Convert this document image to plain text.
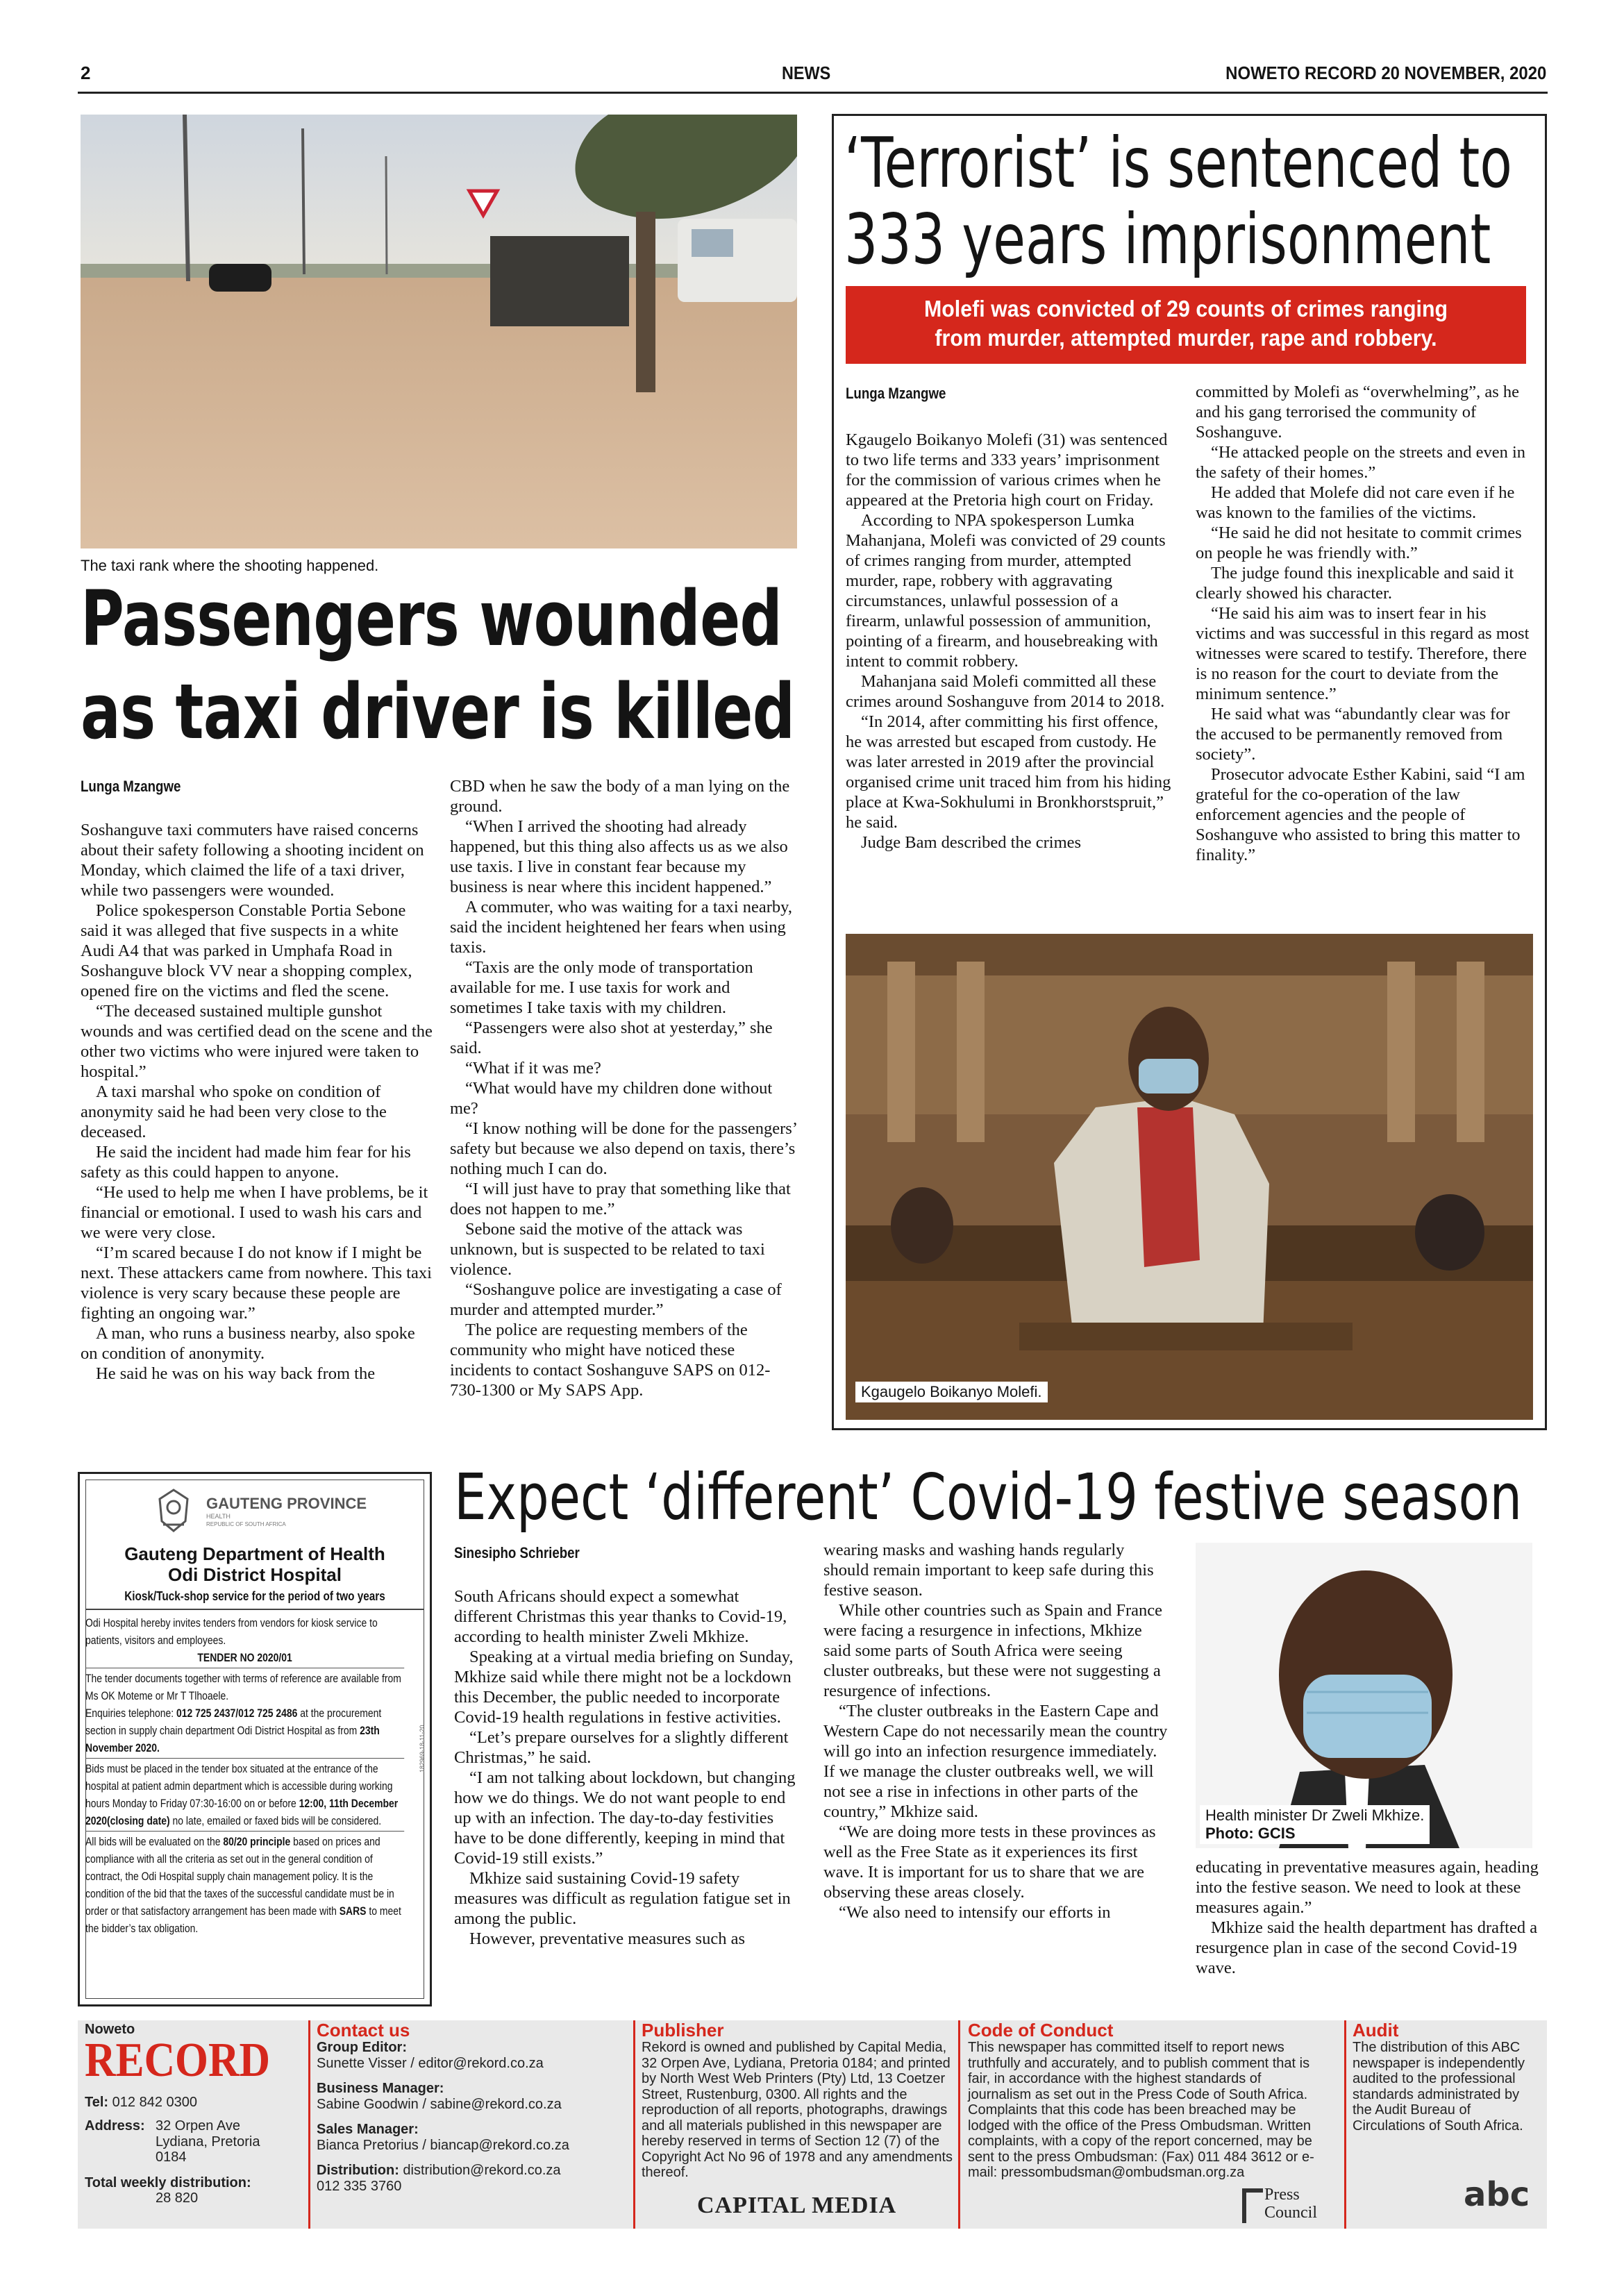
2	NEWS	NOWETO RECORD 20 NOVEMBER, 2020
The taxi rank where the shooting happened.
Passengers wounded
as taxi driver is killed
Lunga Mzangwe

Soshanguve taxi commuters have raised concerns about their safety following a shooting incident on Monday, which claimed the life of a taxi driver, while two passengers were wounded.

Police spokesperson Constable Portia Sebone said it was alleged that five suspects in a white Audi A4 that was parked in Umphafa Road in Soshanguve block VV near a shopping complex, opened fire on the victims and fled the scene.

“The deceased sustained multiple gunshot wounds and was certified dead on the scene and the other two victims who were injured were taken to hospital.”

A taxi marshal who spoke on condition of anonymity said he had been very close to the deceased.

He said the incident had made him fear for his safety as this could happen to anyone.

“He used to help me when I have problems, be it financial or emotional. I used to wash his cars and we were very close.

“I’m scared because I do not know if I might be next. These attackers came from nowhere. This taxi violence is very scary because these people are fighting an ongoing war.”

A man, who runs a business nearby, also spoke on condition of anonymity.

He said he was on his way back from the

CBD when he saw the body of a man lying on the ground.

“When I arrived the shooting had already happened, but this thing also affects us as we also use taxis. I live in constant fear because my business is near where this incident happened.”

A commuter, who was waiting for a taxi nearby, said the incident heightened her fears when using taxis.

“Taxis are the only mode of transportation available for me. I use taxis for work and sometimes I take taxis with my children.

“Passengers were also shot at yesterday,” she said.

“What if it was me?

“What would have my children done without me?

“I know nothing will be done for the passengers’ safety but because we also depend on taxis, there’s nothing much I can do.

“I will just have to pray that something like that does not happen to me.”

Sebone said the motive of the attack was unknown, but is suspected to be related to taxi violence.

“Soshanguve police are investigating a case of murder and attempted murder.”

The police are requesting members of the community who might have noticed these incidents to contact Soshanguve SAPS on 012-730-1300 or My SAPS App.

‘Terrorist’ is sentenced to
333 years imprisonment
Molefi was convicted of 29 counts of crimes ranging
from murder, attempted murder, rape and robbery.
Lunga Mzangwe

Kgaugelo Boikanyo Molefi (31) was sentenced to two life terms and 333 years’ imprisonment for the commission of various crimes when he appeared at the Pretoria high court on Friday.

According to NPA spokesperson Lumka Mahanjana, Molefi was convicted of 29 counts of crimes ranging from murder, attempted murder, rape, robbery with aggravating circumstances, unlawful possession of a firearm, unlawful possession of ammunition, pointing of a firearm, and housebreaking with intent to commit robbery.

Mahanjana said Molefi committed all these crimes around Soshanguve from 2014 to 2018.

“In 2014, after committing his first offence, he was arrested but escaped from custody. He was later arrested in 2019 after the provincial organised crime unit traced him from his hiding place at Kwa-Sokhulumi in Bronkhorstspruit,” he said.

Judge Bam described the crimes

committed by Molefi as “overwhelming”, as he and his gang terrorised the community of Soshanguve.

“He attacked people on the streets and even in the safety of their homes.”

He added that Molefe did not care even if he was known to the families of the victims.

“He said he did not hesitate to commit crimes on people he was friendly with.”

The judge found this inexplicable and said it clearly showed his character.

“He said his aim was to insert fear in his victims and was successful in this regard as most witnesses were scared to testify. Therefore, there is no reason for the court to deviate from the minimum sentence.”

He said what was “abundantly clear was for the accused to be permanently removed from society”.

Prosecutor advocate Esther Kabini, said “I am grateful for the co-operation of the law enforcement agencies and the people of Soshanguve who assisted to bring this matter to finality.”

Kgaugelo Boikanyo Molefi.
GAUTENG PROVINCE
HEALTH
REPUBLIC OF SOUTH AFRICA
Gauteng Department of Health
Odi District Hospital
Kiosk/Tuck-shop service for the period of two years
Odi Hospital hereby invites tenders from vendors for kiosk service to patients, visitors and employees.
TENDER NO 2020/01
The tender documents together with terms of reference are available from Ms OK Moteme or Mr T Tlhoaele.
Enquiries telephone: 012 725 2437/012 725 2486 at the procurement section in supply chain department Odi District Hospital as from 23th November 2020.
Bids must be placed in the tender box situated at the entrance of the hospital at patient admin department which is accessible during working hours Monday to Friday 07:30-16:00 on or before 12:00, 11th December 2020(closing date) no late, emailed or faxed bids will be considered.
All bids will be evaluated on the 80/20 principle based on prices and compliance with all the criteria as set out in the general condition of contract, the Odi Hospital supply chain management policy. It is the condition of the bid that the taxes of the successful candidate must be in order or that satisfactory arrangement has been made with SARS to meet the bidder’s tax obligation.
182969-18-11-20
Expect ‘different’ Covid-19 festive season
Sinesipho Schrieber

South Africans should expect a somewhat different Christmas this year thanks to Covid-19, according to health minister Zweli Mkhize.

Speaking at a virtual media briefing on Sunday, Mkhize said while there might not be a lockdown this December, the public needed to incorporate Covid-19 health regulations in festive activities.

“Let’s prepare ourselves for a slightly different Christmas,” he said.

“I am not talking about lockdown, but changing how we do things. We do not want people to end up with an infection. The day-to-day festivities have to be done differently, keeping in mind that Covid-19 still exists.”

Mkhize said sustaining Covid-19 safety measures was difficult as regulation fatigue set in among the public.

However, preventative measures such as

wearing masks and washing hands regularly should remain important to keep safe during this festive season.

While other countries such as Spain and France were facing a resurgence in infections, Mkhize said some parts of South Africa were seeing cluster outbreaks, but these were not suggesting a resurgence of infections.

“The cluster outbreaks in the Eastern Cape and Western Cape do not necessarily mean the country will go into an infection resurgence immediately. If we manage the cluster outbreaks well, we will not see a rise in infections in other parts of the country,” Mkhize said.

“We are doing more tests in these provinces as well as the Free State as it experiences its first wave. It is important for us to share that we are observing these areas closely.

“We also need to intensify our efforts in

Health minister Dr Zweli Mkhize.
Photo: GCIS

educating in preventative measures again, heading into the festive season. We need to look at these measures again.”

Mkhize said the health department has drafted a resurgence plan in case of the second Covid-19 wave.

Noweto
RECORD
Tel: 012 842 0300
Address: 32 Orpen Ave
Lydiana, Pretoria
0184
Total weekly distribution:
28 820
Contact us
Group Editor:
Sunette Visser / editor@rekord.co.za
Business Manager:
Sabine Goodwin / sabine@rekord.co.za
Sales Manager:
Bianca Pretorius / biancap@rekord.co.za
Distribution: distribution@rekord.co.za
012 335 3760
Publisher
Rekord is owned and published by Capital Media, 32 Orpen Ave, Lydiana, Pretoria 0184; and printed by North West Web Printers (Pty) Ltd, 13 Coetzer Street, Rustenburg, 0300. All rights and the reproduction of all reports, photographs, drawings and all materials published in this newspaper are hereby reserved in terms of Section 12 (7) of the Copyright Act No 96 of 1978 and any amendments thereof.
CAPITAL MEDIA
Code of Conduct
This newspaper has committed itself to report news truthfully and accurately, and to publish comment that is fair, in accordance with the highest standards of journalism as set out in the Press Code of South Africa. Complaints that this code has been breached may be lodged with the office of the Press Ombudsman. Written complaints, with a copy of the report concerned, may be sent to the press Ombudsman: (Fax) 011 484 3612 or e-mail: pressombudsman@ombudsman.org.za
Press
Council
Audit
The distribution of this ABC newspaper is independently audited to the professional standards administrated by the Audit Bureau of Circulations of South Africa.
abc
